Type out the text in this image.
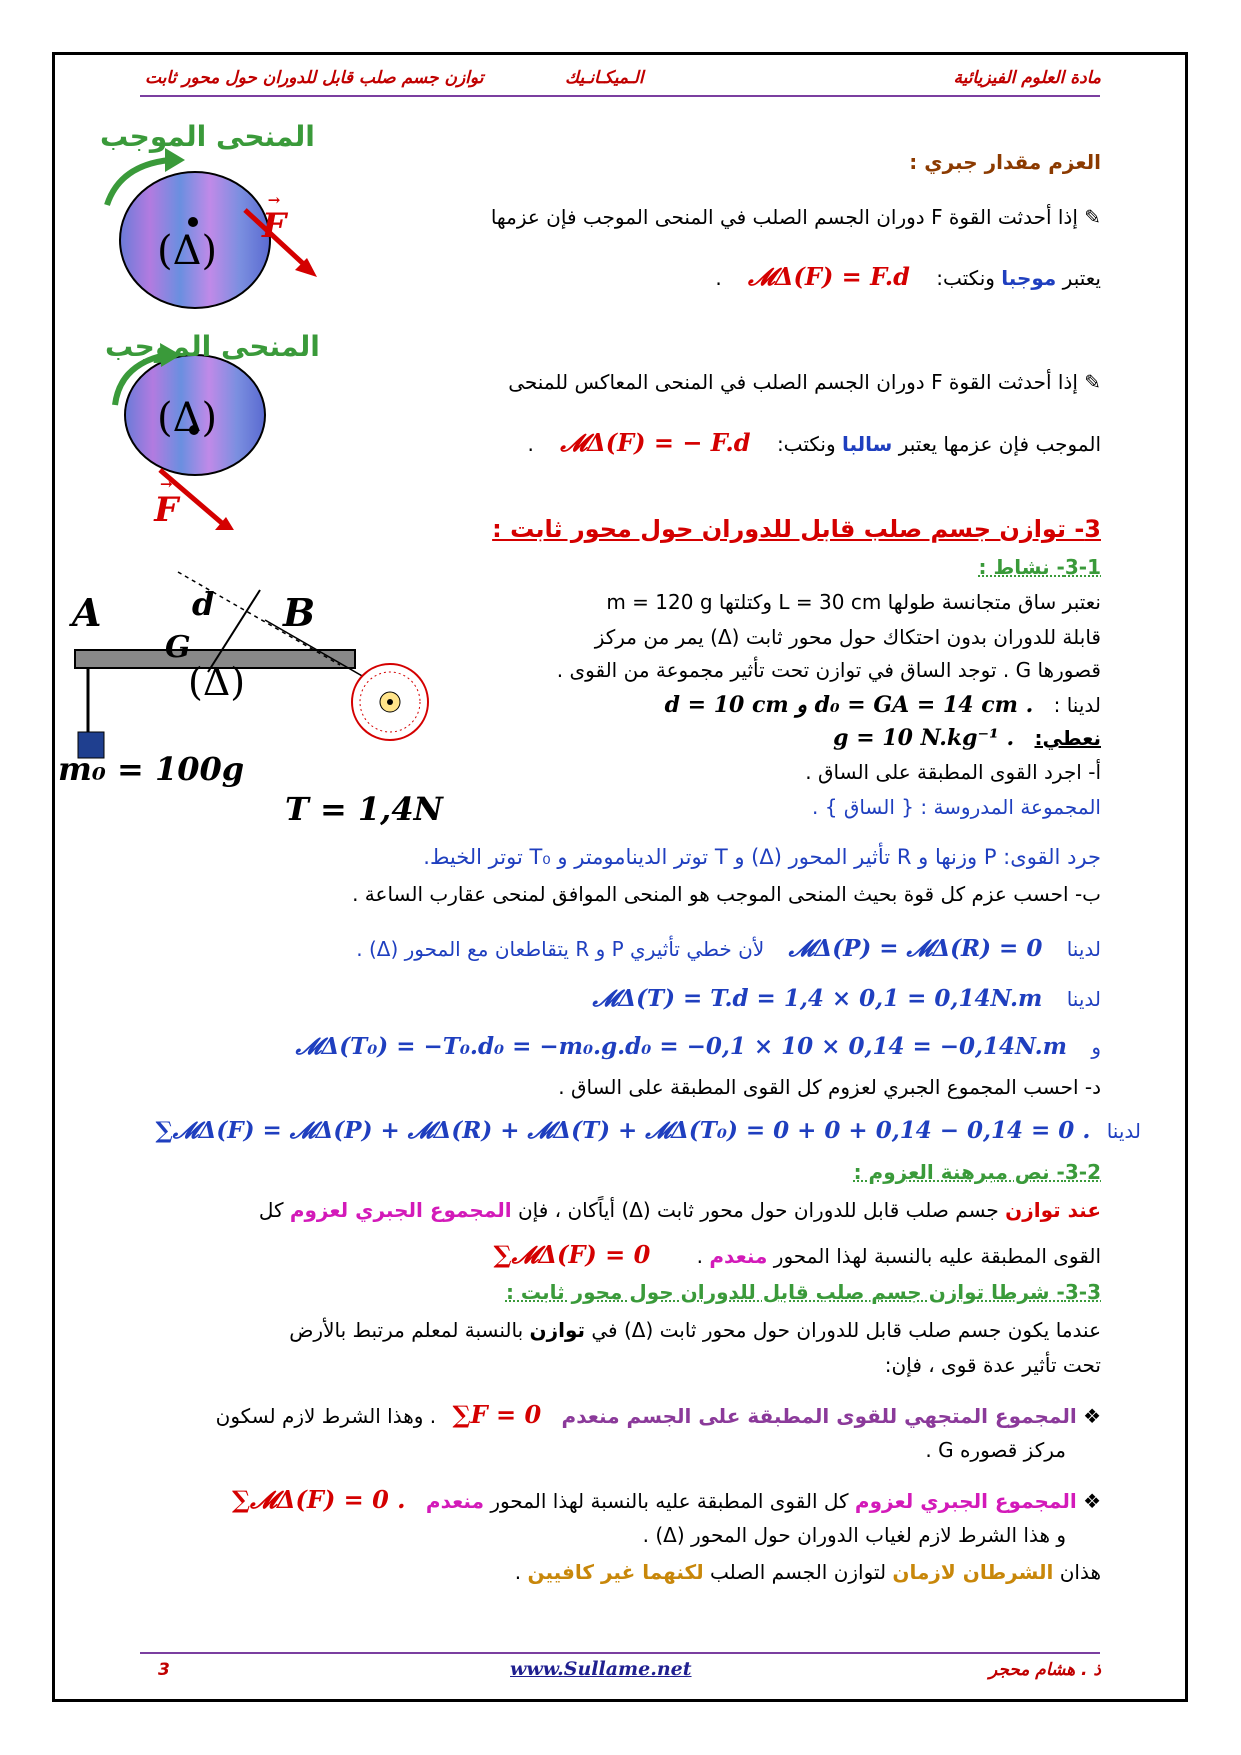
مادة العلوم الفيزيائية
الـميكـانـيك
توازن جسم صلب قابل للدوران حول محور ثابت
المنحى الموجب
(Δ)
→ F
المنحى الموجب
(Δ)
→ F
A	B
G
d
(Δ)
m₀ = 100g
T = 1,4N
العزم مقدار جبري :
✎ إذا أحدثت القوة F دوران الجسم الصلب في المنحى الموجب فإن عزمها
يعتبر موجبا ونكتب: 𝓜Δ(F) = F.d .
✎ إذا أحدثت القوة F دوران الجسم الصلب في المنحى المعاكس للمنحى
الموجب فإن عزمها يعتبر سالبا ونكتب: 𝓜Δ(F) = − F.d .
3- توازن جسم صلب قابل للدوران حول محور ثابت :
3-1- نشاط :
نعتبر ساق متجانسة طولها L = 30 cm وكتلتها m = 120 g
قابلة للدوران بدون احتكاك حول محور ثابت (Δ) يمر من مركز
قصورها G . توجد الساق في توازن تحت تأثير مجموعة من القوى .
لدينا : d = 10 cm و d₀ = GA = 14 cm .
نعطي: g = 10 N.kg⁻¹ .
أ- اجرد القوى المطبقة على الساق .
المجموعة المدروسة : { الساق } .
جرد القوى: P وزنها و R تأثير المحور (Δ) و T توتر الدينامومتر و T₀ توتر الخيط.
ب- احسب عزم كل قوة بحيث المنحى الموجب هو المنحى الموافق لمنحى عقارب الساعة .
لدينا 𝓜Δ(P) = 𝓜Δ(R) = 0 لأن خطي تأثيري P و R يتقاطعان مع المحور (Δ) .
لدينا 𝓜Δ(T) = T.d = 1,4 × 0,1 = 0,14N.m
و 𝓜Δ(T₀) = −T₀.d₀ = −m₀.g.d₀ = −0,1 × 10 × 0,14 = −0,14N.m
د- احسب المجموع الجبري لعزوم كل القوى المطبقة على الساق .
لدينا ∑𝓜Δ(F) = 𝓜Δ(P) + 𝓜Δ(R) + 𝓜Δ(T) + 𝓜Δ(T₀) = 0 + 0 + 0,14 − 0,14 = 0 .
3-2- نص مبرهنة العزوم :
عند توازن جسم صلب قابل للدوران حول محور ثابت (Δ) أياًكان ، فإن المجموع الجبري لعزوم كل
القوى المطبقة عليه بالنسبة لهذا المحور منعدم . ∑𝓜Δ(F) = 0
3-3- شرطا توازن جسم صلب قابل للدوران حول محور ثابت :
عندما يكون جسم صلب قابل للدوران حول محور ثابت (Δ) في توازن بالنسبة لمعلم مرتبط بالأرض
تحت تأثير عدة قوى ، فإن:
❖ المجموع المتجهي للقوى المطبقة على الجسم منعدم ∑F = 0 . وهذا الشرط لازم لسكون
مركز قصوره G .
❖ المجموع الجبري لعزوم كل القوى المطبقة عليه بالنسبة لهذا المحور منعدم ∑𝓜Δ(F) = 0 .
و هذا الشرط لازم لغياب الدوران حول المحور (Δ) .
هذان الشرطان لازمان لتوازن الجسم الصلب لكنهما غير كافيين .
ذ . هشام محجر
www.Sullame.net
3
